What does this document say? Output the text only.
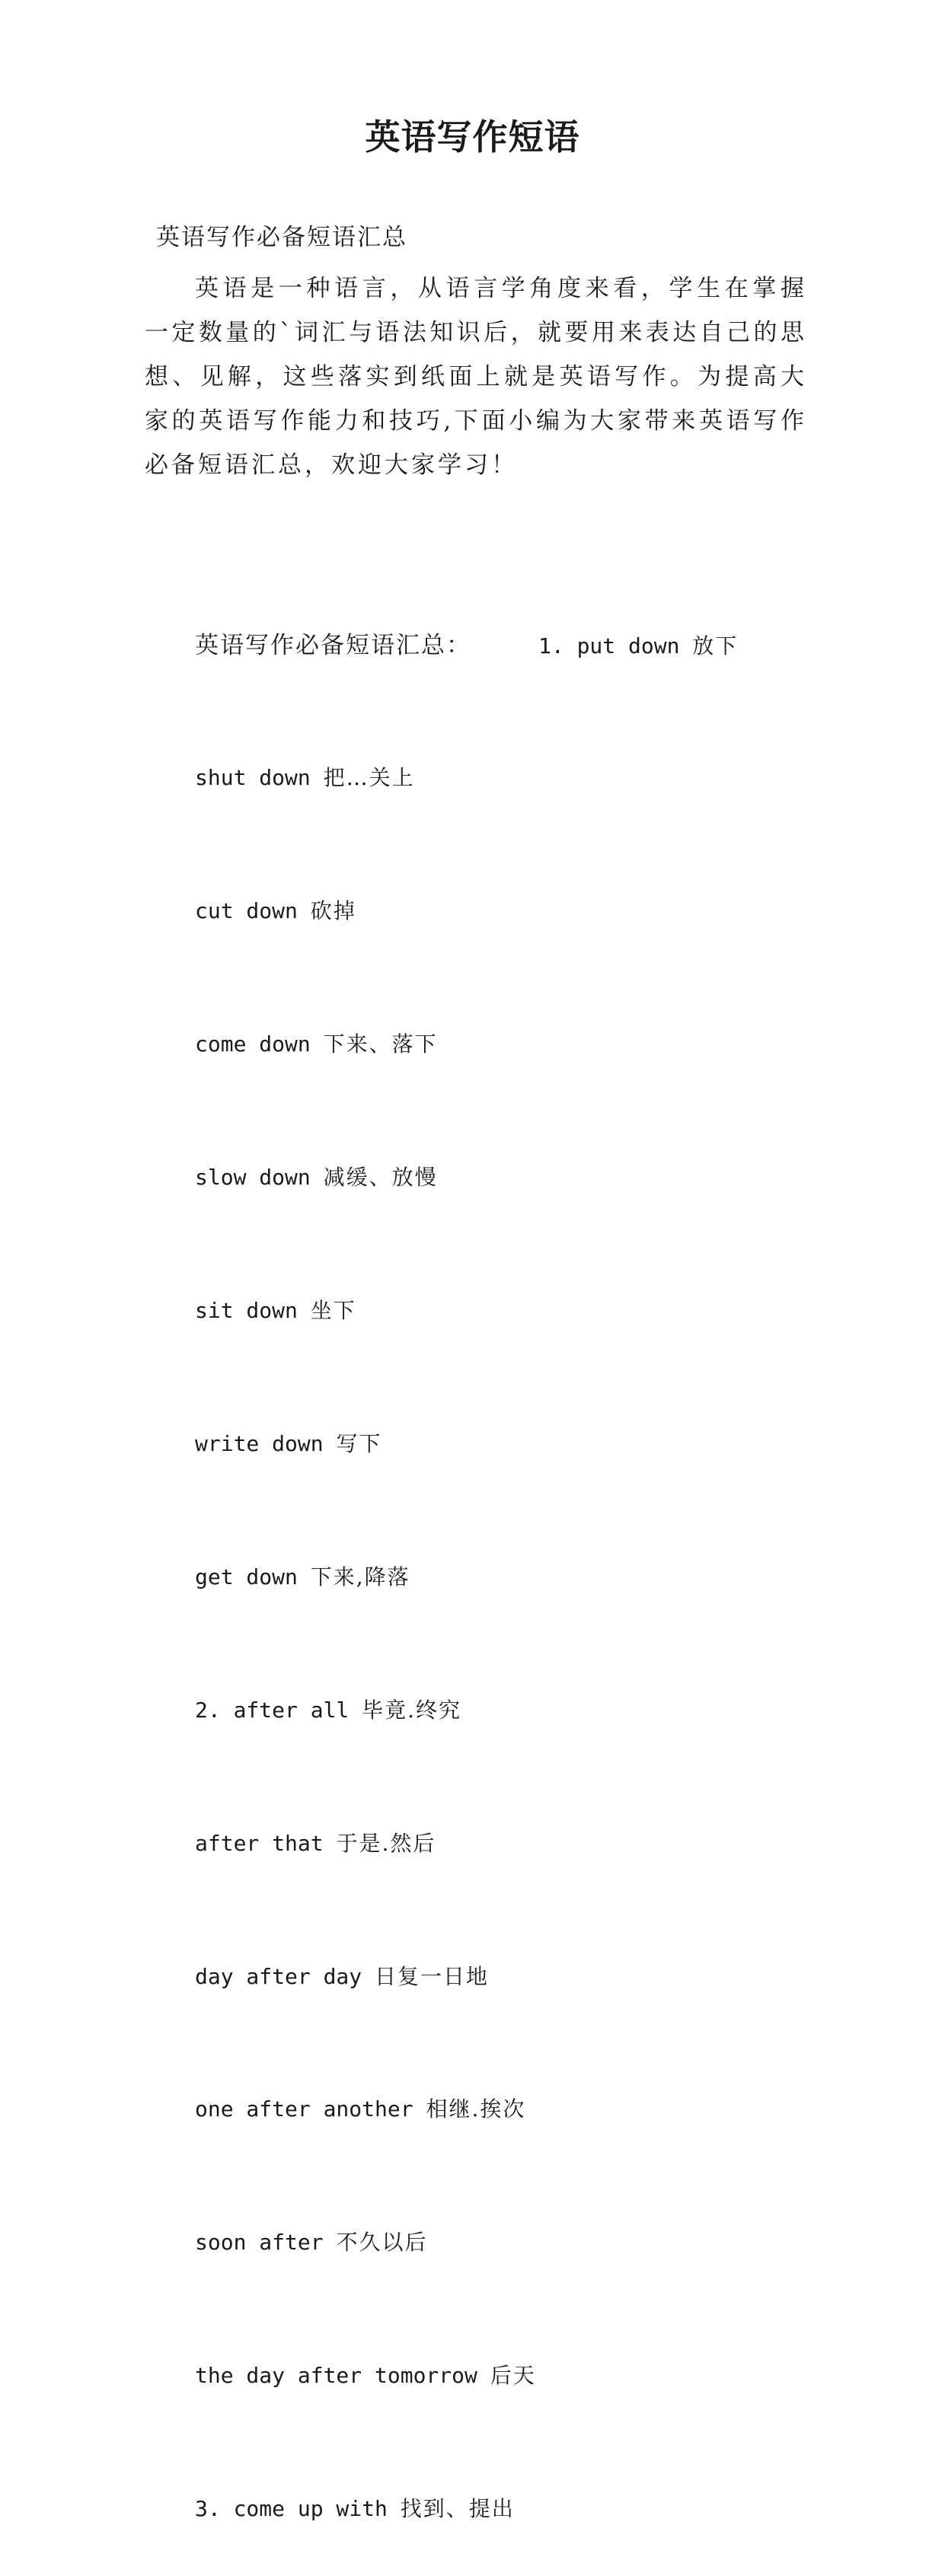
英语写作短语

英语写作必备短语汇总

英语是一种语言，从语言学角度来看，学生在掌握一定数量的`词汇与语法知识后，就要用来表达自己的思想、见解，这些落实到纸面上就是英语写作。为提高大家的英语写作能力和技巧,下面小编为大家带来英语写作必备短语汇总，欢迎大家学习！

英语写作必备短语汇总：	1. put down 放下

shut down 把…关上

cut down 砍掉

come down 下来、落下

slow down 减缓、放慢

sit down 坐下

write down 写下

get down 下来,降落

2. after all 毕竟.终究

after that 于是.然后

day after day 日复一日地

one after another 相继.挨次

soon after 不久以后

the day after tomorrow 后天

3. come up with 找到、提出
